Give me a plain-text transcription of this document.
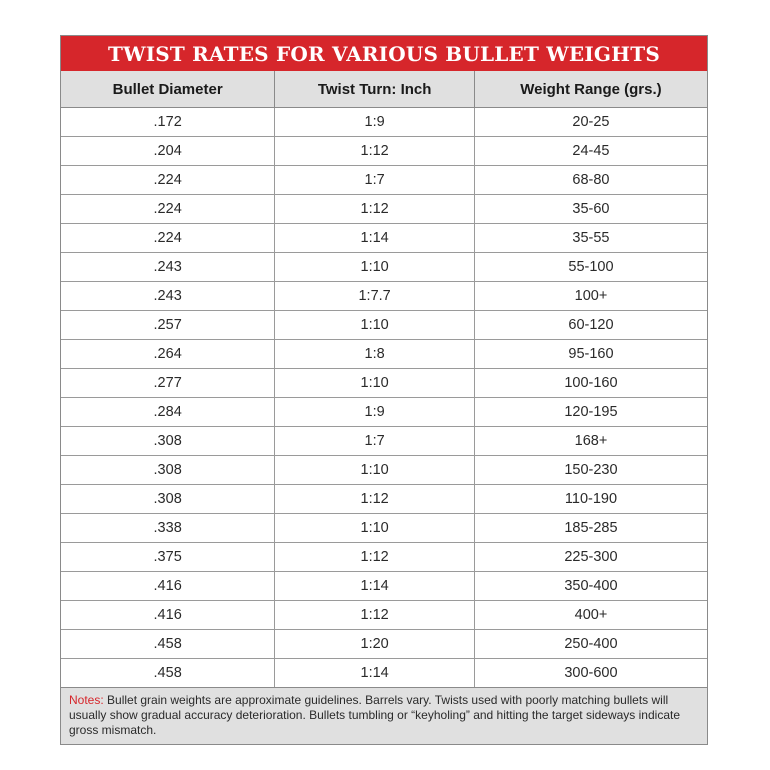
TWIST RATES FOR VARIOUS BULLET WEIGHTS
Bullet Diameter	Twist Turn: Inch	Weight Range (grs.)
.172	1:9	20-25
.204	1:12	24-45
.224	1:7	68-80
.224	1:12	35-60
.224	1:14	35-55
.243	1:10	55-100
.243	1:7.7	100+
.257	1:10	60-120
.264	1:8	95-160
.277	1:10	100-160
.284	1:9	120-195
.308	1:7	168+
.308	1:10	150-230
.308	1:12	110-190
.338	1:10	185-285
.375	1:12	225-300
.416	1:14	350-400
.416	1:12	400+
.458	1:20	250-400
.458	1:14	300-600
Notes: Bullet grain weights are approximate guidelines. Barrels vary. Twists used with poorly matching bullets will usually show gradual accuracy deterioration. Bullets tumbling or “keyholing” and hitting the target sideways indicate gross mismatch.
